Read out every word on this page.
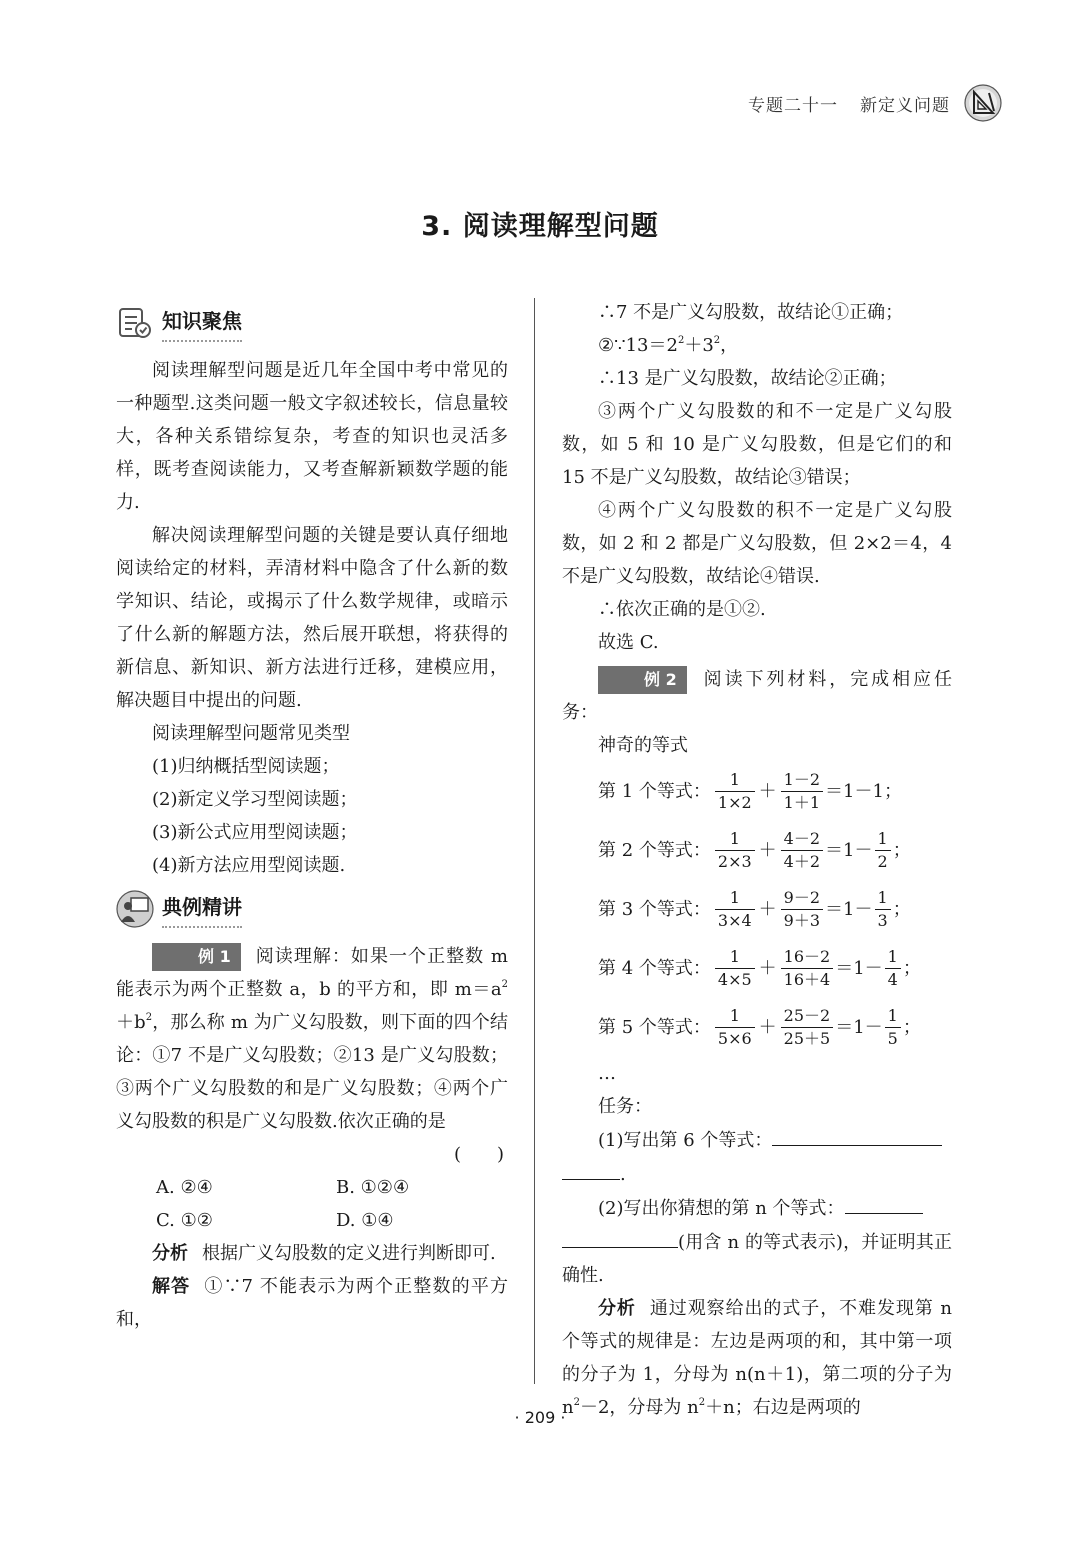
专题二十一 新定义问题
3. 阅读理解型问题
知识聚焦

阅读理解型问题是近几年全国中考中常见的一种题型.这类问题一般文字叙述较长，信息量较大，各种关系错综复杂，考查的知识也灵活多样，既考查阅读能力，又考查解新颖数学题的能力.

解决阅读理解型问题的关键是要认真仔细地阅读给定的材料，弄清材料中隐含了什么新的数学知识、结论，或揭示了什么数学规律，或暗示了什么新的解题方法，然后展开联想，将获得的新信息、新知识、新方法进行迁移，建模应用，解决题目中提出的问题.

阅读理解型问题常见类型

(1)归纳概括型阅读题；

(2)新定义学习型阅读题；

(3)新公式应用型阅读题；

(4)新方法应用型阅读题.

典例精讲

例 1 阅读理解：如果一个正整数 m 能表示为两个正整数 a，b 的平方和，即 $m=a^2+b^2$，那么称 m 为广义勾股数，则下面的四个结论：①7 不是广义勾股数；②13 是广义勾股数；③两个广义勾股数的和是广义勾股数；④两个广义勾股数的积是广义勾股数.依次正确的是

(　　)
A. ②④	B. ①②④
C. ①②	D. ①④

分析 根据广义勾股数的定义进行判断即可.

解答 ①∵7 不能表示为两个正整数的平方和，

∴7 不是广义勾股数，故结论①正确；

$②\because 13=2^2+3^2$，

∴13 是广义勾股数，故结论②正确；

③两个广义勾股数的和不一定是广义勾股数，如 5 和 10 是广义勾股数，但是它们的和 15 不是广义勾股数，故结论③错误；

④两个广义勾股数的积不一定是广义勾股数，如 2 和 2 都是广义勾股数，但 2×2＝4，4 不是广义勾股数，故结论④错误.

∴依次正确的是①②.

故选 C.

例 2 阅读下列材料，完成相应任务：

神奇的等式

第 1 个等式： $\frac{1}{1\times 2} + \frac{1-2}{1+1} =1-1$ ；
第 2 个等式： $\frac{1}{2\times 3} + \frac{4-2}{4+2} =1- \frac{1}{2}$ ；
第 3 个等式： $\frac{1}{3\times 4} + \frac{9-2}{9+3} =1- \frac{1}{3}$ ；
第 4 个等式： $\frac{1}{4\times 5} + \frac{16-2}{16+4} =1- \frac{1}{4}$ ；
第 5 个等式： $\frac{1}{5\times 6} + \frac{25-2}{25+5} =1- \frac{1}{5}$ ；

…

任务：

(1)写出第 6 个等式：

.

(2)写出你猜想的第 n 个等式：

(用含 n 的等式表示)，并证明其正确性.

分析 通过观察给出的式子，不难发现第 n 个等式的规律是：左边是两项的和，其中第一项的分子为 1，分母为 n(n＋1)，第二项的分子为 $n^2-2$，分母为 $n^2+n$；右边是两项的

· 209 ·
